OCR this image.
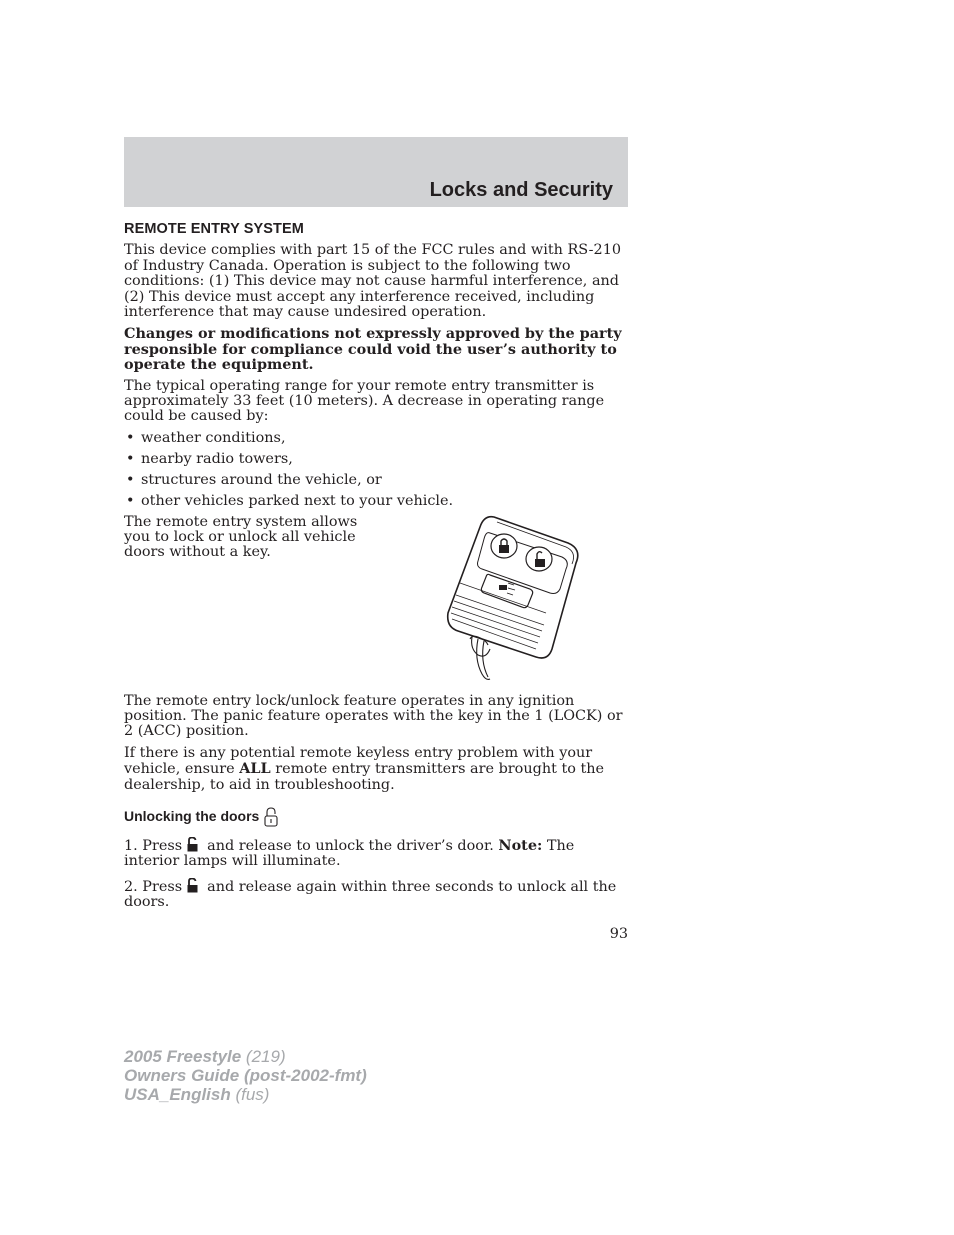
Locks and Security
REMOTE ENTRY SYSTEM

This device complies with part 15 of the FCC rules and with RS-210 of Industry Canada. Operation is subject to the following two conditions: (1) This device may not cause harmful interference, and (2) This device must accept any interference received, including interference that may cause undesired operation.

Changes or modifications not expressly approved by the party responsible for compliance could void the user’s authority to operate the equipment.

The typical operating range for your remote entry transmitter is approximately 33 feet (10 meters). A decrease in operating range could be caused by:

• weather conditions,
• nearby radio towers,
• structures around the vehicle, or
• other vehicles parked next to your vehicle.

The remote entry system allows you to lock or unlock all vehicle doors without a key.

The remote entry lock/unlock feature operates in any ignition position. The panic feature operates with the key in the 1 (LOCK) or 2 (ACC) position.

If there is any potential remote keyless entry problem with your vehicle, ensure ALL remote entry transmitters are brought to the dealership, to aid in troubleshooting.

Unlocking the doors

1. Press and release to unlock the driver’s door. Note: The interior lamps will illuminate.

2. Press and release again within three seconds to unlock all the doors.

93
2005 Freestyle (219)
Owners Guide (post-2002-fmt)
USA_English (fus)
